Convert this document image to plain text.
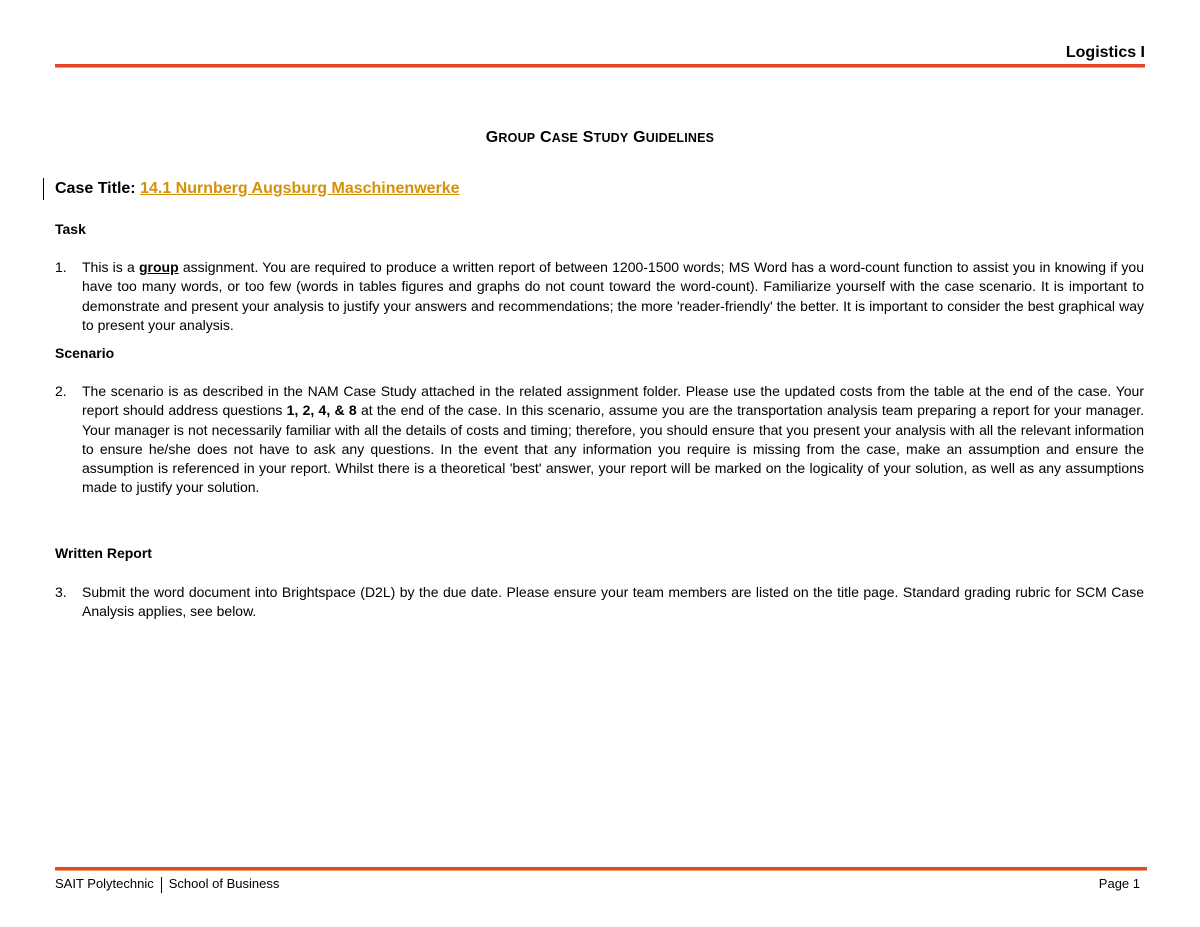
Logistics I
GROUP CASE STUDY GUIDELINES
Case Title: 14.1 Nurnberg Augsburg Maschinenwerke
Task
1. This is a group assignment. You are required to produce a written report of between 1200-1500 words; MS Word has a word-count function to assist you in knowing if you have too many words, or too few (words in tables figures and graphs do not count toward the word-count). Familiarize yourself with the case scenario. It is important to demonstrate and present your analysis to justify your answers and recommendations; the more 'reader-friendly' the better. It is important to consider the best graphical way to present your analysis.
Scenario
2. The scenario is as described in the NAM Case Study attached in the related assignment folder. Please use the updated costs from the table at the end of the case. Your report should address questions 1, 2, 4, & 8 at the end of the case. In this scenario, assume you are the transportation analysis team preparing a report for your manager. Your manager is not necessarily familiar with all the details of costs and timing; therefore, you should ensure that you present your analysis with all the relevant information to ensure he/she does not have to ask any questions. In the event that any information you require is missing from the case, make an assumption and ensure the assumption is referenced in your report. Whilst there is a theoretical 'best' answer, your report will be marked on the logicality of your solution, as well as any assumptions made to justify your solution.
Written Report
3. Submit the word document into Brightspace (D2L) by the due date. Please ensure your team members are listed on the title page. Standard grading rubric for SCM Case Analysis applies, see below.
SAIT Polytechnic School of Business	Page 1
